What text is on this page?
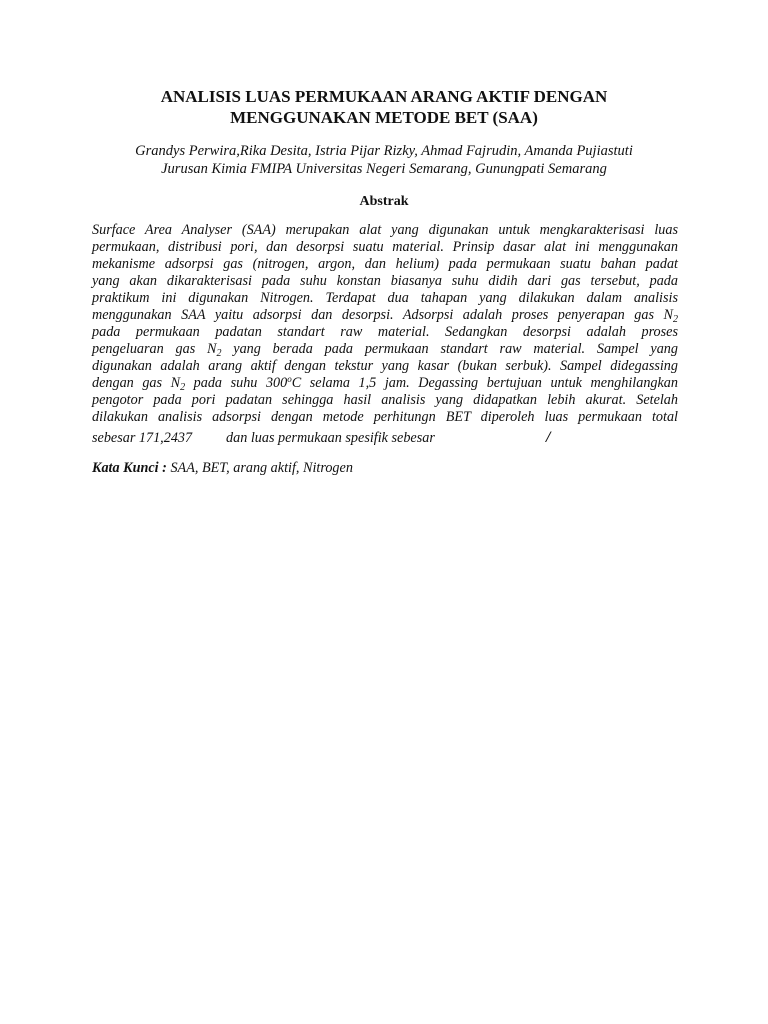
ANALISIS LUAS PERMUKAAN ARANG AKTIF DENGAN
MENGGUNAKAN METODE BET (SAA)
Grandys Perwira,Rika Desita, Istria Pijar Rizky, Ahmad Fajrudin, Amanda Pujiastuti
Jurusan Kimia FMIPA Universitas Negeri Semarang, Gunungpati Semarang
Abstrak
Surface Area Analyser (SAA) merupakan alat yang digunakan untuk mengkarakterisasi luas
permukaan, distribusi pori, dan desorpsi suatu material. Prinsip dasar alat ini menggunakan
mekanisme adsorpsi gas (nitrogen, argon, dan helium) pada permukaan suatu bahan padat
yang akan dikarakterisasi pada suhu konstan biasanya suhu didih dari gas tersebut, pada
praktikum ini digunakan Nitrogen. Terdapat dua tahapan yang dilakukan dalam analisis
menggunakan SAA yaitu adsorpsi dan desorpsi. Adsorpsi adalah proses penyerapan gas $N_2$
pada permukaan padatan standart raw material. Sedangkan desorpsi adalah proses
pengeluaran gas $N_2$ yang berada pada permukaan standart raw material. Sampel yang
digunakan adalah arang aktif dengan tekstur yang kasar (bukan serbuk). Sampel didegassing
dengan gas $N_2$ pada suhu 300$^o$C selama 1,5 jam. Degassing bertujuan untuk menghilangkan
pengotor pada pori padatan sehingga hasil analisis yang didapatkan lebih akurat. Setelah
dilakukan analisis adsorpsi dengan metode perhitungn BET diperoleh luas permukaan total
sebesar 171,2437 dan luas permukaan spesifik sebesar	/
Kata Kunci : SAA, BET, arang aktif, Nitrogen
